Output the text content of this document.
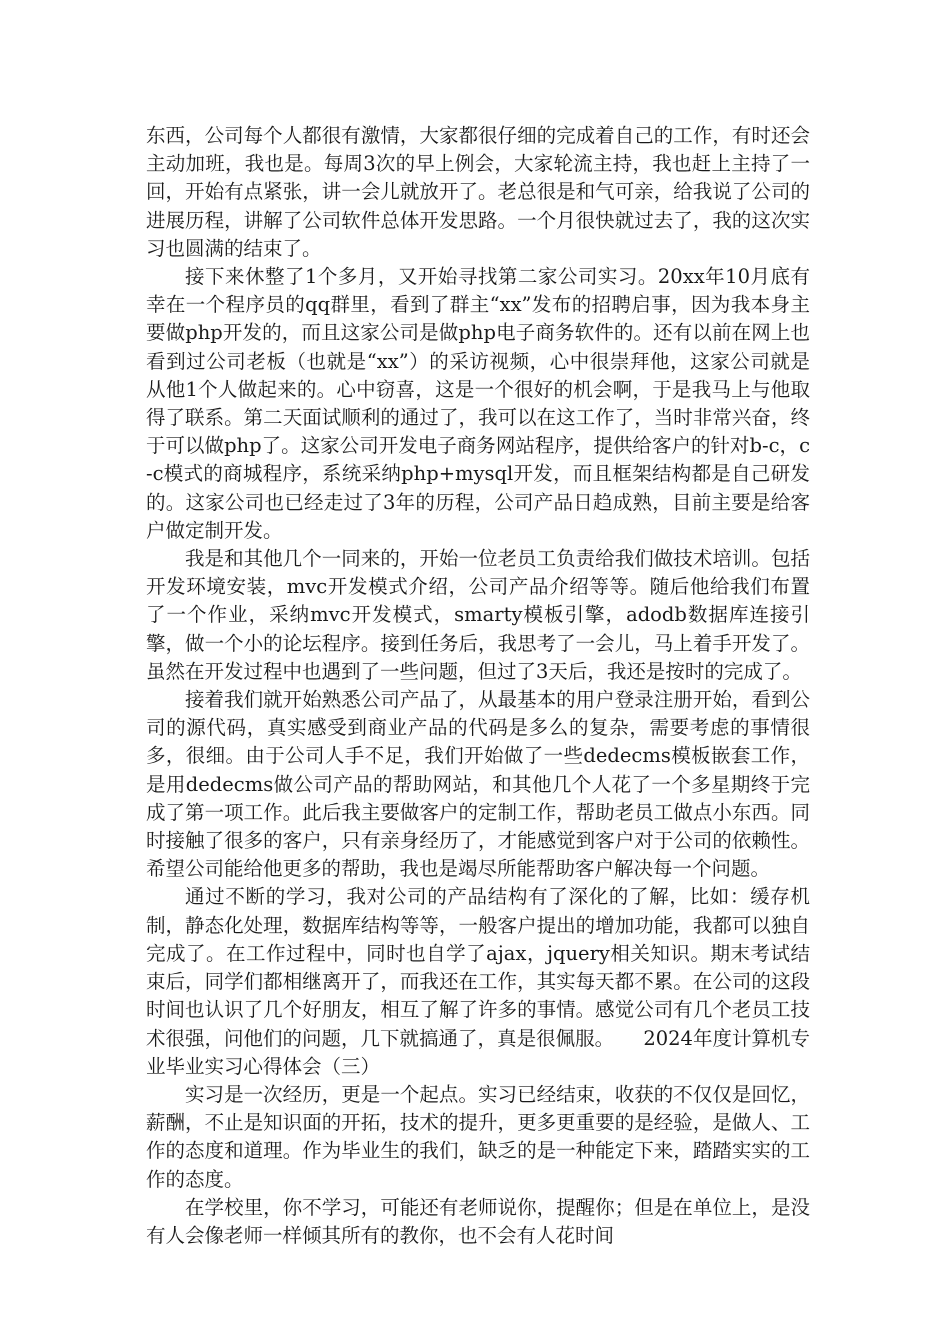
东西，公司每个人都很有激情，大家都很仔细的完成着自己的工作，有时还会主动加班，我也是。每周3次的早上例会，大家轮流主持，我也赶上主持了一回，开始有点紧张，讲一会儿就放开了。老总很是和气可亲，给我说了公司的进展历程，讲解了公司软件总体开发思路。一个月很快就过去了，我的这次实习也圆满的结束了。

接下来休整了1个多月，又开始寻找第二家公司实习。20xx年10月底有幸在一个程序员的qq群里，看到了群主“xx”发布的招聘启事，因为我本身主要做php开发的，而且这家公司是做php电子商务软件的。还有以前在网上也看到过公司老板（也就是“xx”）的采访视频，心中很崇拜他，这家公司就是从他1个人做起来的。心中窃喜，这是一个很好的机会啊，于是我马上与他取得了联系。第二天面试顺利的通过了，我可以在这工作了，当时非常兴奋，终于可以做php了。这家公司开发电子商务网站程序，提供给客户的针对b-c，c-c模式的商城程序，系统采纳php+mysql开发，而且框架结构都是自己研发的。这家公司也已经走过了3年的历程，公司产品日趋成熟，目前主要是给客户做定制开发。

我是和其他几个一同来的，开始一位老员工负责给我们做技术培训。包括开发环境安装，mvc开发模式介绍，公司产品介绍等等。随后他给我们布置了一个作业，采纳mvc开发模式，smarty模板引擎，adodb数据库连接引擎，做一个小的论坛程序。接到任务后，我思考了一会儿，马上着手开发了。虽然在开发过程中也遇到了一些问题，但过了3天后，我还是按时的完成了。

接着我们就开始熟悉公司产品了，从最基本的用户登录注册开始，看到公司的源代码，真实感受到商业产品的代码是多么的复杂，需要考虑的事情很多，很细。由于公司人手不足，我们开始做了一些dedecms模板嵌套工作，是用dedecms做公司产品的帮助网站，和其他几个人花了一个多星期终于完成了第一项工作。此后我主要做客户的定制工作，帮助老员工做点小东西。同时接触了很多的客户，只有亲身经历了，才能感觉到客户对于公司的依赖性。希望公司能给他更多的帮助，我也是竭尽所能帮助客户解决每一个问题。

通过不断的学习，我对公司的产品结构有了深化的了解，比如：缓存机制，静态化处理，数据库结构等等，一般客户提出的增加功能，我都可以独自完成了。在工作过程中，同时也自学了ajax，jquery相关知识。期末考试结束后，同学们都相继离开了，而我还在工作，其实每天都不累。在公司的这段时间也认识了几个好朋友，相互了解了许多的事情。感觉公司有几个老员工技术很强，问他们的问题，几下就搞通了，真是很佩服。　　2024年度计算机专业毕业实习心得体会（三）

实习是一次经历，更是一个起点。实习已经结束，收获的不仅仅是回忆，薪酬，不止是知识面的开拓，技术的提升，更多更重要的是经验，是做人、工作的态度和道理。作为毕业生的我们，缺乏的是一种能定下来，踏踏实实的工作的态度。

在学校里，你不学习，可能还有老师说你，提醒你；但是在单位上，是没有人会像老师一样倾其所有的教你，也不会有人花时间
